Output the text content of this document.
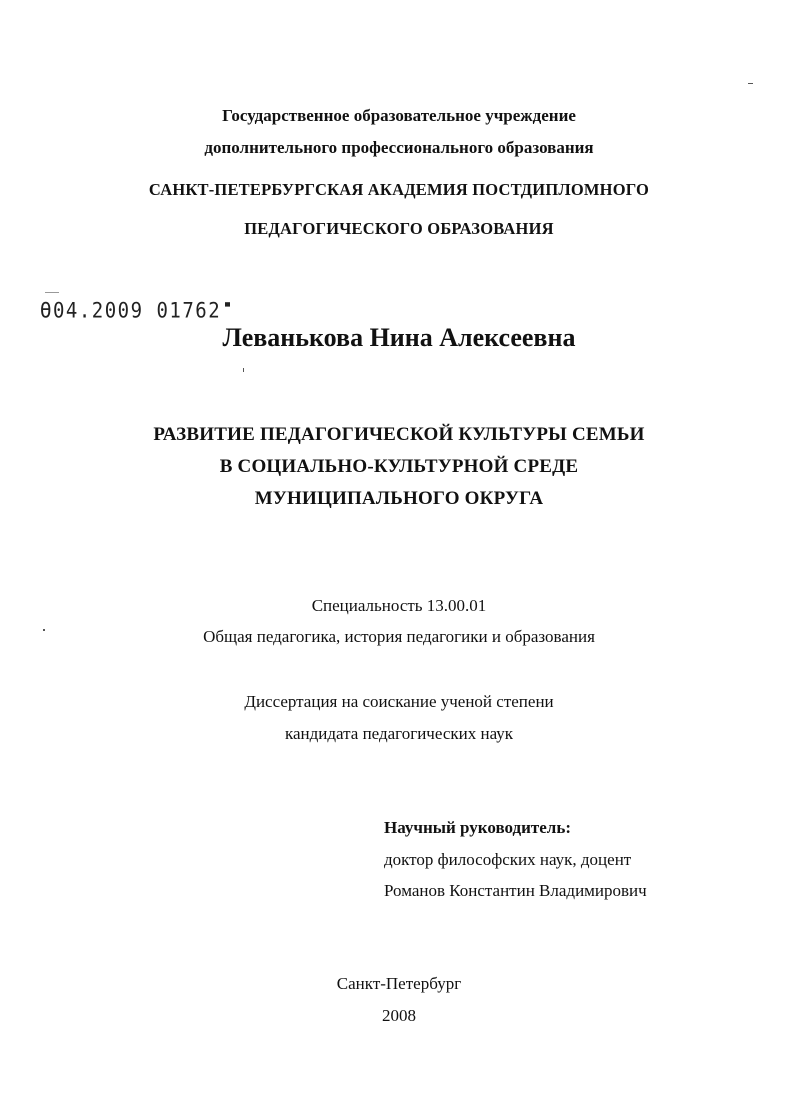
Государственное образовательное учреждение
дополнительного профессионального образования
САНКТ-ПЕТЕРБУРГСКАЯ АКАДЕМИЯ ПОСТДИПЛОМНОГО
ПЕДАГОГИЧЕСКОГО ОБРАЗОВАНИЯ
Ө04.2009 01762
Леванькова Нина Алексеевна
РАЗВИТИЕ ПЕДАГОГИЧЕСКОЙ КУЛЬТУРЫ СЕМЬИ
В СОЦИАЛЬНО-КУЛЬТУРНОЙ СРЕДЕ
МУНИЦИПАЛЬНОГО ОКРУГА
Специальность 13.00.01
Общая педагогика, история педагогики и образования
Диссертация на соискание ученой степени
кандидата педагогических наук
Научный руководитель:
доктор философских наук, доцент
Романов Константин Владимирович
Санкт-Петербург
2008
